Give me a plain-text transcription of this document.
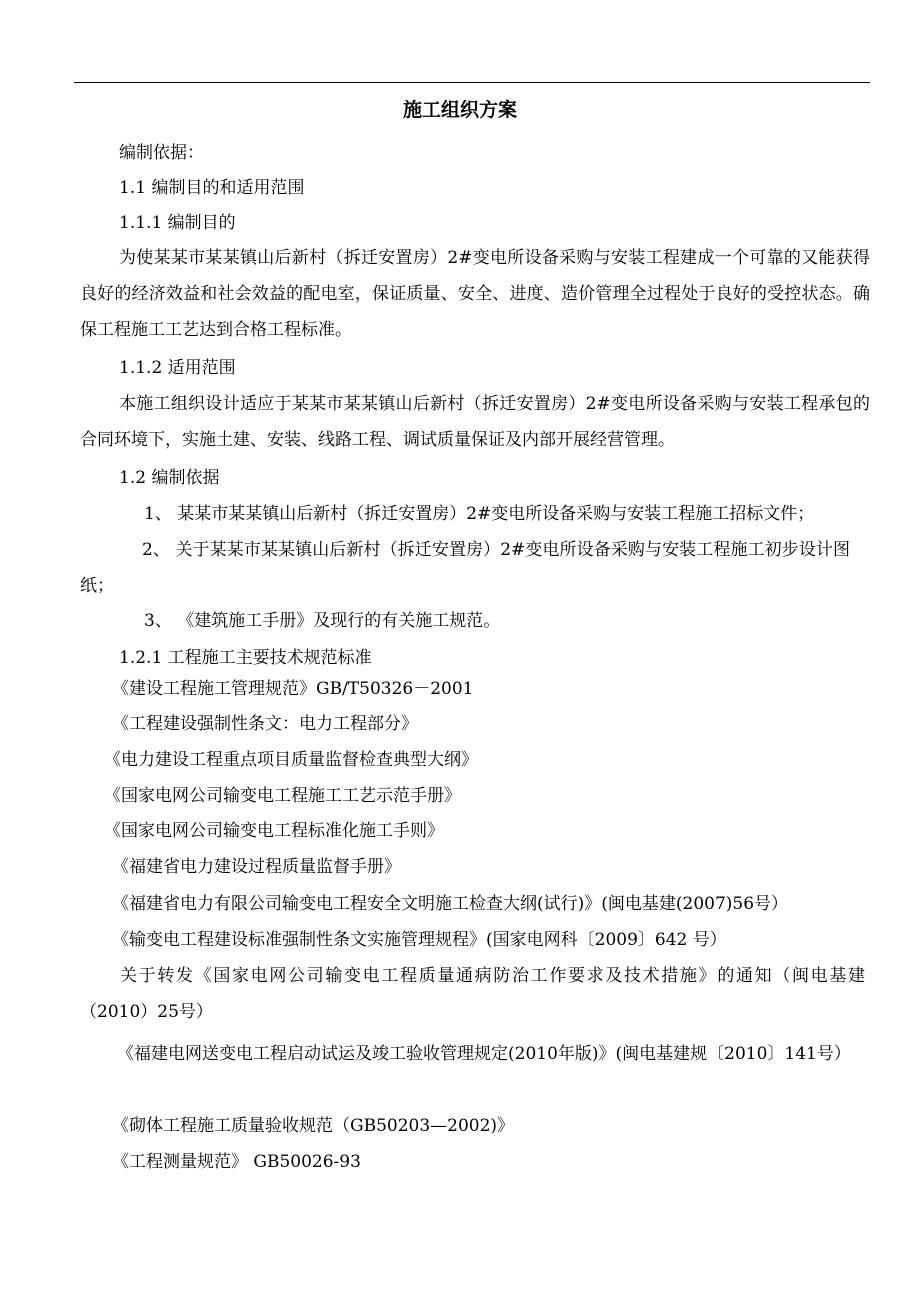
施工组织方案
编制依据：
1.1 编制目的和适用范围
1.1.1 编制目的
为使某某市某某镇山后新村（拆迁安置房）2#变电所设备采购与安装工程建成一个可靠的又能获得良好的经济效益和社会效益的配电室，保证质量、安全、进度、造价管理全过程处于良好的受控状态。确保工程施工工艺达到合格工程标准。
1.1.2 适用范围
本施工组织设计适应于某某市某某镇山后新村（拆迁安置房）2#变电所设备采购与安装工程承包的合同环境下，实施土建、安装、线路工程、调试质量保证及内部开展经营管理。
1.2 编制依据
1、 某某市某某镇山后新村（拆迁安置房）2#变电所设备采购与安装工程施工招标文件；
2、 关于某某市某某镇山后新村（拆迁安置房）2#变电所设备采购与安装工程施工初步设计图纸；
3、 《建筑施工手册》及现行的有关施工规范。
1.2.1 工程施工主要技术规范标准
《建设工程施工管理规范》GB/T50326－2001
《工程建设强制性条文：电力工程部分》
《电力建设工程重点项目质量监督检查典型大纲》
《国家电网公司输变电工程施工工艺示范手册》
《国家电网公司输变电工程标准化施工手则》
《福建省电力建设过程质量监督手册》
《福建省电力有限公司输变电工程安全文明施工检查大纲(试行)》(闽电基建(2007)56号）
《输变电工程建设标准强制性条文实施管理规程》(国家电网科〔2009〕642 号）
关于转发《国家电网公司输变电工程质量通病防治工作要求及技术措施》的通知（闽电基建（2010）25号）
《福建电网送变电工程启动试运及竣工验收管理规定(2010年版)》(闽电基建规〔2010〕141号）
《砌体工程施工质量验收规范（GB50203—2002)》
《工程测量规范》 GB50026-93
